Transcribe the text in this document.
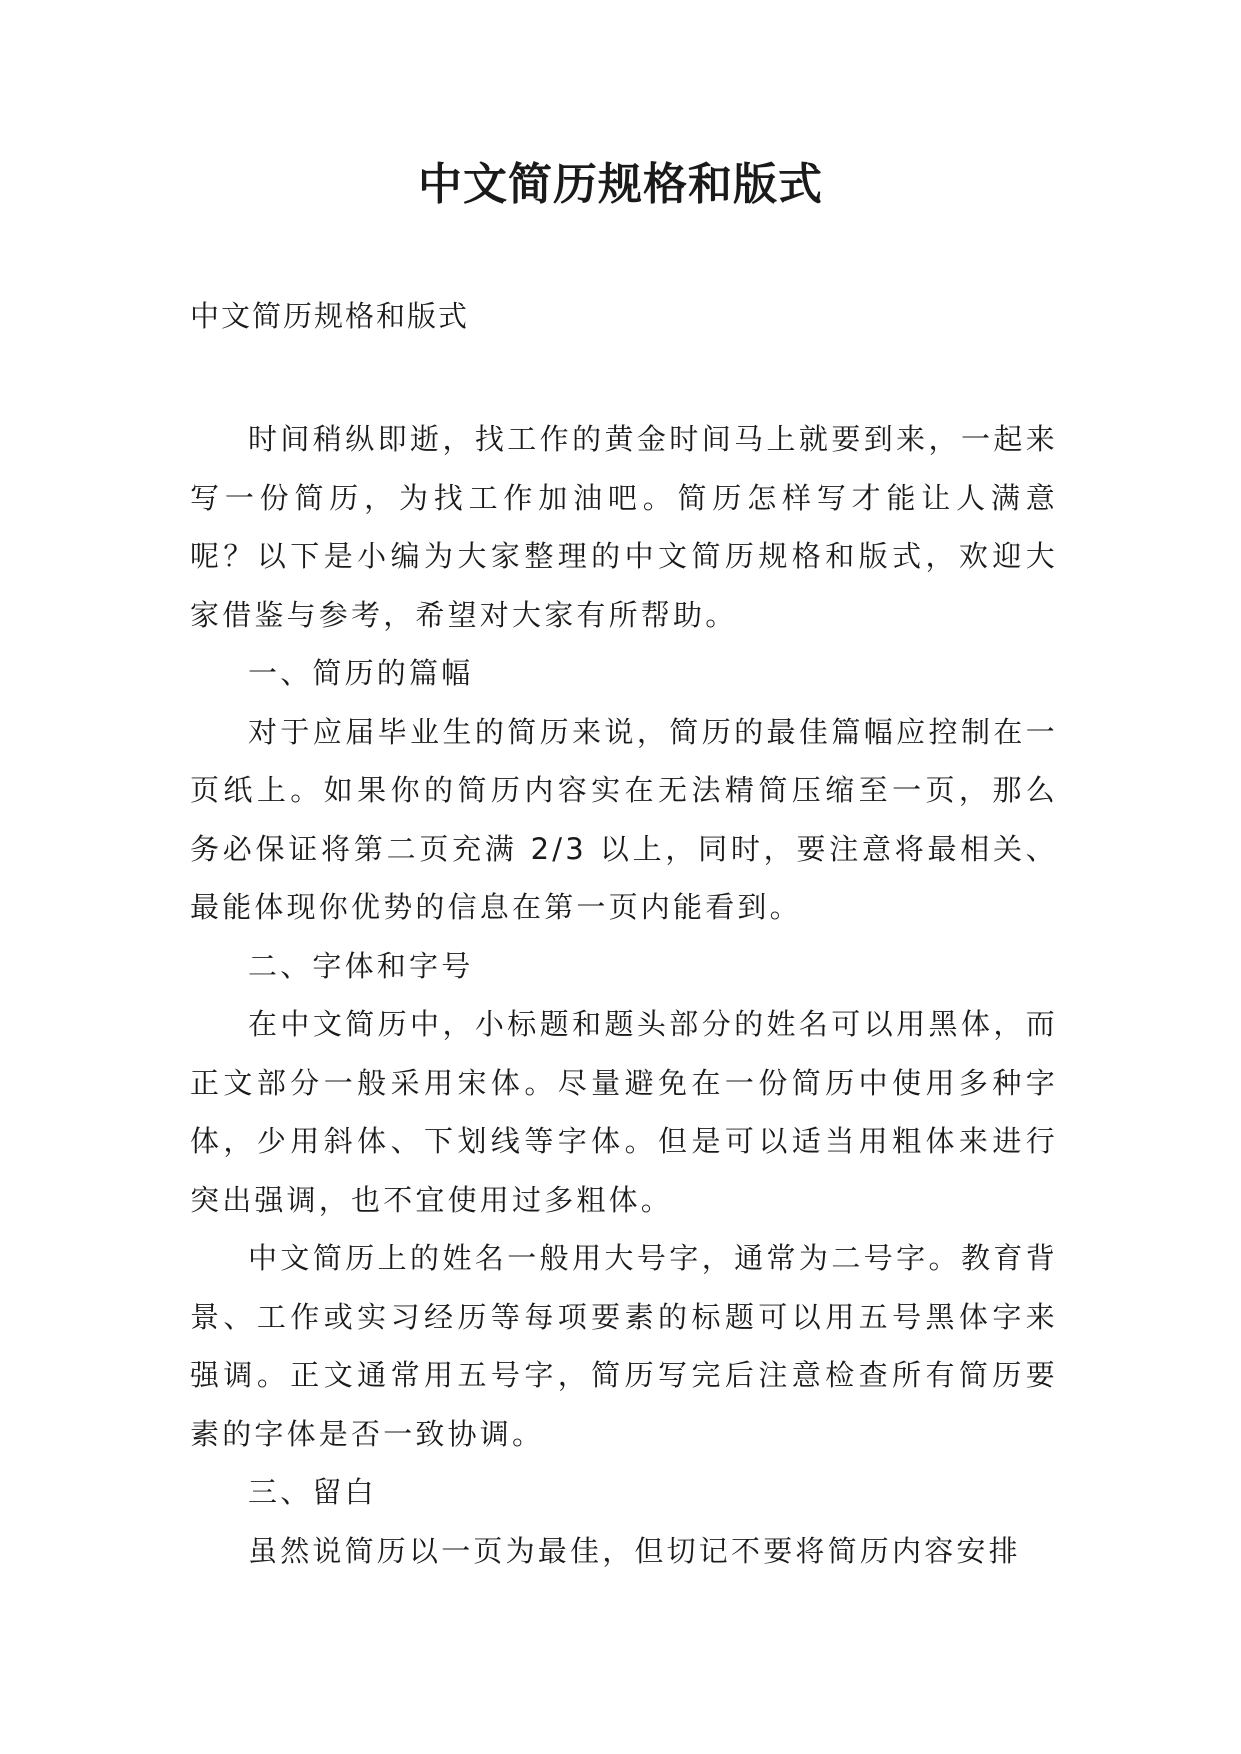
中文简历规格和版式

中文简历规格和版式

时间稍纵即逝，找工作的黄金时间马上就要到来，一起来写一份简历，为找工作加油吧。简历怎样写才能让人满意呢？以下是小编为大家整理的中文简历规格和版式，欢迎大家借鉴与参考，希望对大家有所帮助。

一、简历的篇幅

对于应届毕业生的简历来说，简历的最佳篇幅应控制在一页纸上。如果你的简历内容实在无法精简压缩至一页，那么务必保证将第二页充满 2/3 以上，同时，要注意将最相关、最能体现你优势的信息在第一页内能看到。

二、字体和字号

在中文简历中，小标题和题头部分的姓名可以用黑体，而正文部分一般采用宋体。尽量避免在一份简历中使用多种字体，少用斜体、下划线等字体。但是可以适当用粗体来进行突出强调，也不宜使用过多粗体。

中文简历上的姓名一般用大号字，通常为二号字。教育背景、工作或实习经历等每项要素的标题可以用五号黑体字来强调。正文通常用五号字，简历写完后注意检查所有简历要素的字体是否一致协调。

三、留白

虽然说简历以一页为最佳，但切记不要将简历内容安排
